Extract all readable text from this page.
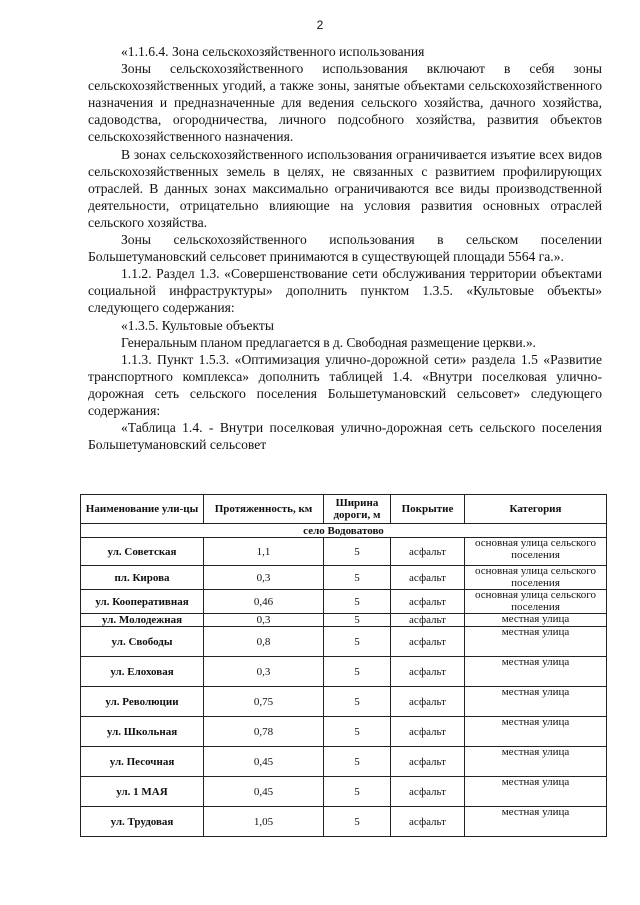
2

«1.1.6.4. Зона сельскохозяйственного использования

Зоны сельскохозяйственного использования включают в себя зоны сельскохозяйственных угодий, а также зоны, занятые объектами сельскохозяйственного назначения и предназначенные для ведения сельского хозяйства, дачного хозяйства, садоводства, огородничества, личного подсобного хозяйства, развития объектов сельскохозяйственного назначения.

В зонах сельскохозяйственного использования ограничивается изъятие всех видов сельскохозяйственных земель в целях, не связанных с развитием профилирующих отраслей. В данных зонах максимально ограничиваются все виды производственной деятельности, отрицательно влияющие на условия развития основных отраслей сельского хозяйства.

Зоны сельскохозяйственного использования в сельском поселении Большетумановский сельсовет принимаются в существующей площади 5564 га.».

1.1.2. Раздел 1.3. «Совершенствование сети обслуживания территории объектами социальной инфраструктуры» дополнить пунктом 1.3.5. «Культовые объекты» следующего содержания:

«1.3.5. Культовые объекты

Генеральным планом предлагается в д. Свободная размещение церкви.».

1.1.3. Пункт 1.5.3. «Оптимизация улично-дорожной сети» раздела 1.5 «Развитие транспортного комплекса» дополнить таблицей 1.4. «Внутри поселковая улично-дорожная сеть сельского поселения Большетумановский сельсовет» следующего содержания:

«Таблица 1.4. - Внутри поселковая улично-дорожная сеть сельского поселения Большетумановский сельсовет

Наименование ули-цы	Протяженность, км	Ширина дороги, м	Покрытие	Категория
село Водоватово				
ул. Советская	1,1	5	асфальт	основная улица сельского поселения
пл. Кирова	0,3	5	асфальт	основная улица сельского поселения
ул. Кооперативная	0,46	5	асфальт	основная улица сельского поселения
ул. Молодежная	0,3	5	асфальт	местная улица
ул. Свободы	0,8	5	асфальт	местная улица
ул. Елоховая	0,3	5	асфальт	местная улица
ул. Революции	0,75	5	асфальт	местная улица
ул. Школьная	0,78	5	асфальт	местная улица
ул. Песочная	0,45	5	асфальт	местная улица
ул. 1 МАЯ	0,45	5	асфальт	местная улица
ул. Трудовая	1,05	5	асфальт	местная улица
